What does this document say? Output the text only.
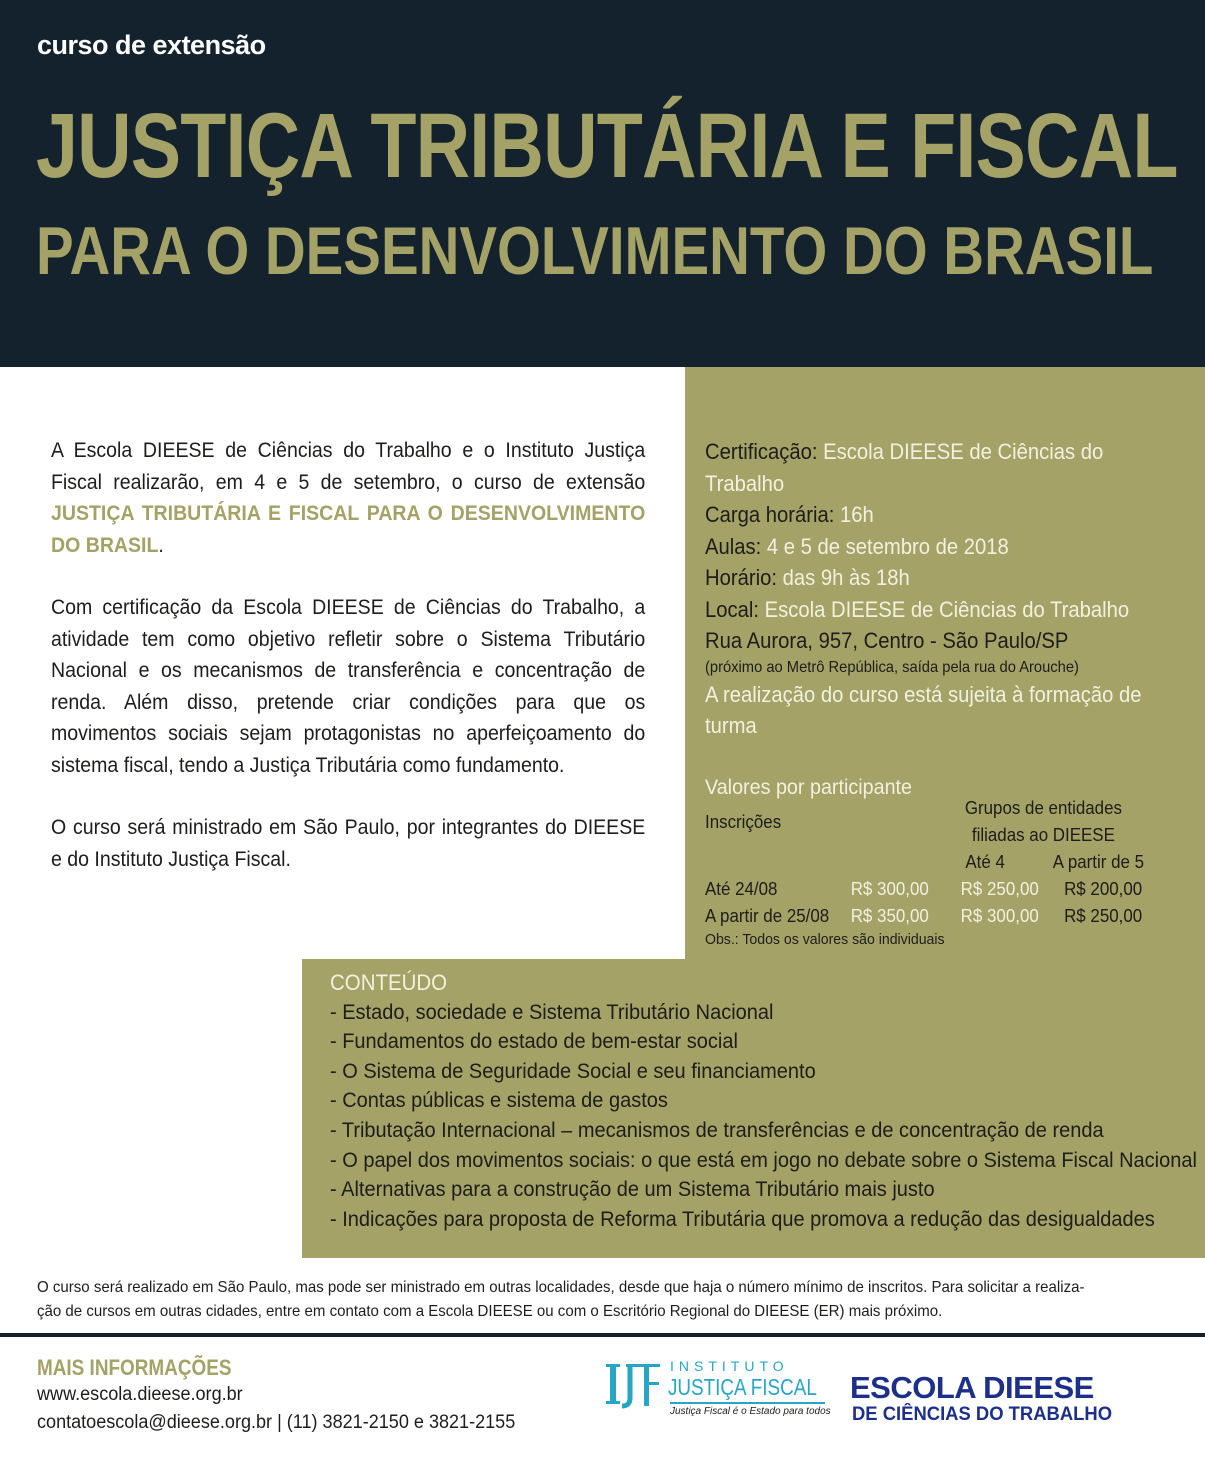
curso de extensão
JUSTIÇA TRIBUTÁRIA E FISCAL
PARA O DESENVOLVIMENTO DO BRASIL

A Escola DIEESE de Ciências do Trabalho e o Instituto Justiça Fiscal realizarão, em 4 e 5 de setembro, o curso de extensão JUSTIÇA TRIBUTÁRIA E FISCAL PARA O DESENVOLVIMENTO DO BRASIL.

Com certificação da Escola DIEESE de Ciências do Trabalho, a atividade tem como objetivo refletir sobre o Sistema Tributário Nacional e os mecanismos de transferência e concentração de renda. Além disso, pretende criar condições para que os movimentos sociais sejam protagonistas no aperfeiçoamento do sistema fiscal, tendo a Justiça Tributária como fundamento.

O curso será ministrado em São Paulo, por integrantes do DIEESE e do Instituto Justiça Fiscal.

Certificação: Escola DIEESE de Ciências do Trabalho
Carga horária: 16h
Aulas: 4 e 5 de setembro de 2018
Horário: das 9h às 18h
Local: Escola DIEESE de Ciências do Trabalho
Rua Aurora, 957, Centro - São Paulo/SP
(próximo ao Metrô República, saída pela rua do Arouche)
A realização do curso está sujeita à formação de turma
Valores por participante
Inscrições
Grupos de entidades
filiadas ao DIEESE
Até 4	A partir de 5
Até 24/08	R$ 300,00 R$ 250,00 R$ 200,00
A partir de 25/08 R$ 350,00 R$ 300,00 R$ 250,00
Obs.: Todos os valores são individuais
CONTEÚDO
- Estado, sociedade e Sistema Tributário Nacional
- Fundamentos do estado de bem-estar social
- O Sistema de Seguridade Social e seu financiamento
- Contas públicas e sistema de gastos
- Tributação Internacional – mecanismos de transferências e de concentração de renda
- O papel dos movimentos sociais: o que está em jogo no debate sobre o Sistema Fiscal Nacional
- Alternativas para a construção de um Sistema Tributário mais justo
- Indicações para proposta de Reforma Tributária que promova a redução das desigualdades
O curso será realizado em São Paulo, mas pode ser ministrado em outras localidades, desde que haja o número mínimo de inscritos. Para solicitar a realiza-
ção de cursos em outras cidades, entre em contato com a Escola DIEESE ou com o Escritório Regional do DIEESE (ER) mais próximo.
MAIS INFORMAÇÕES
www.escola.dieese.org.br
contatoescola@dieese.org.br | (11) 3821-2150 e 3821-2155
INSTITUTO
JUSTIÇA FISCAL
Justiça Fiscal é o Estado para todos
ESCOLA DIEESE
DE CIÊNCIAS DO TRABALHO
